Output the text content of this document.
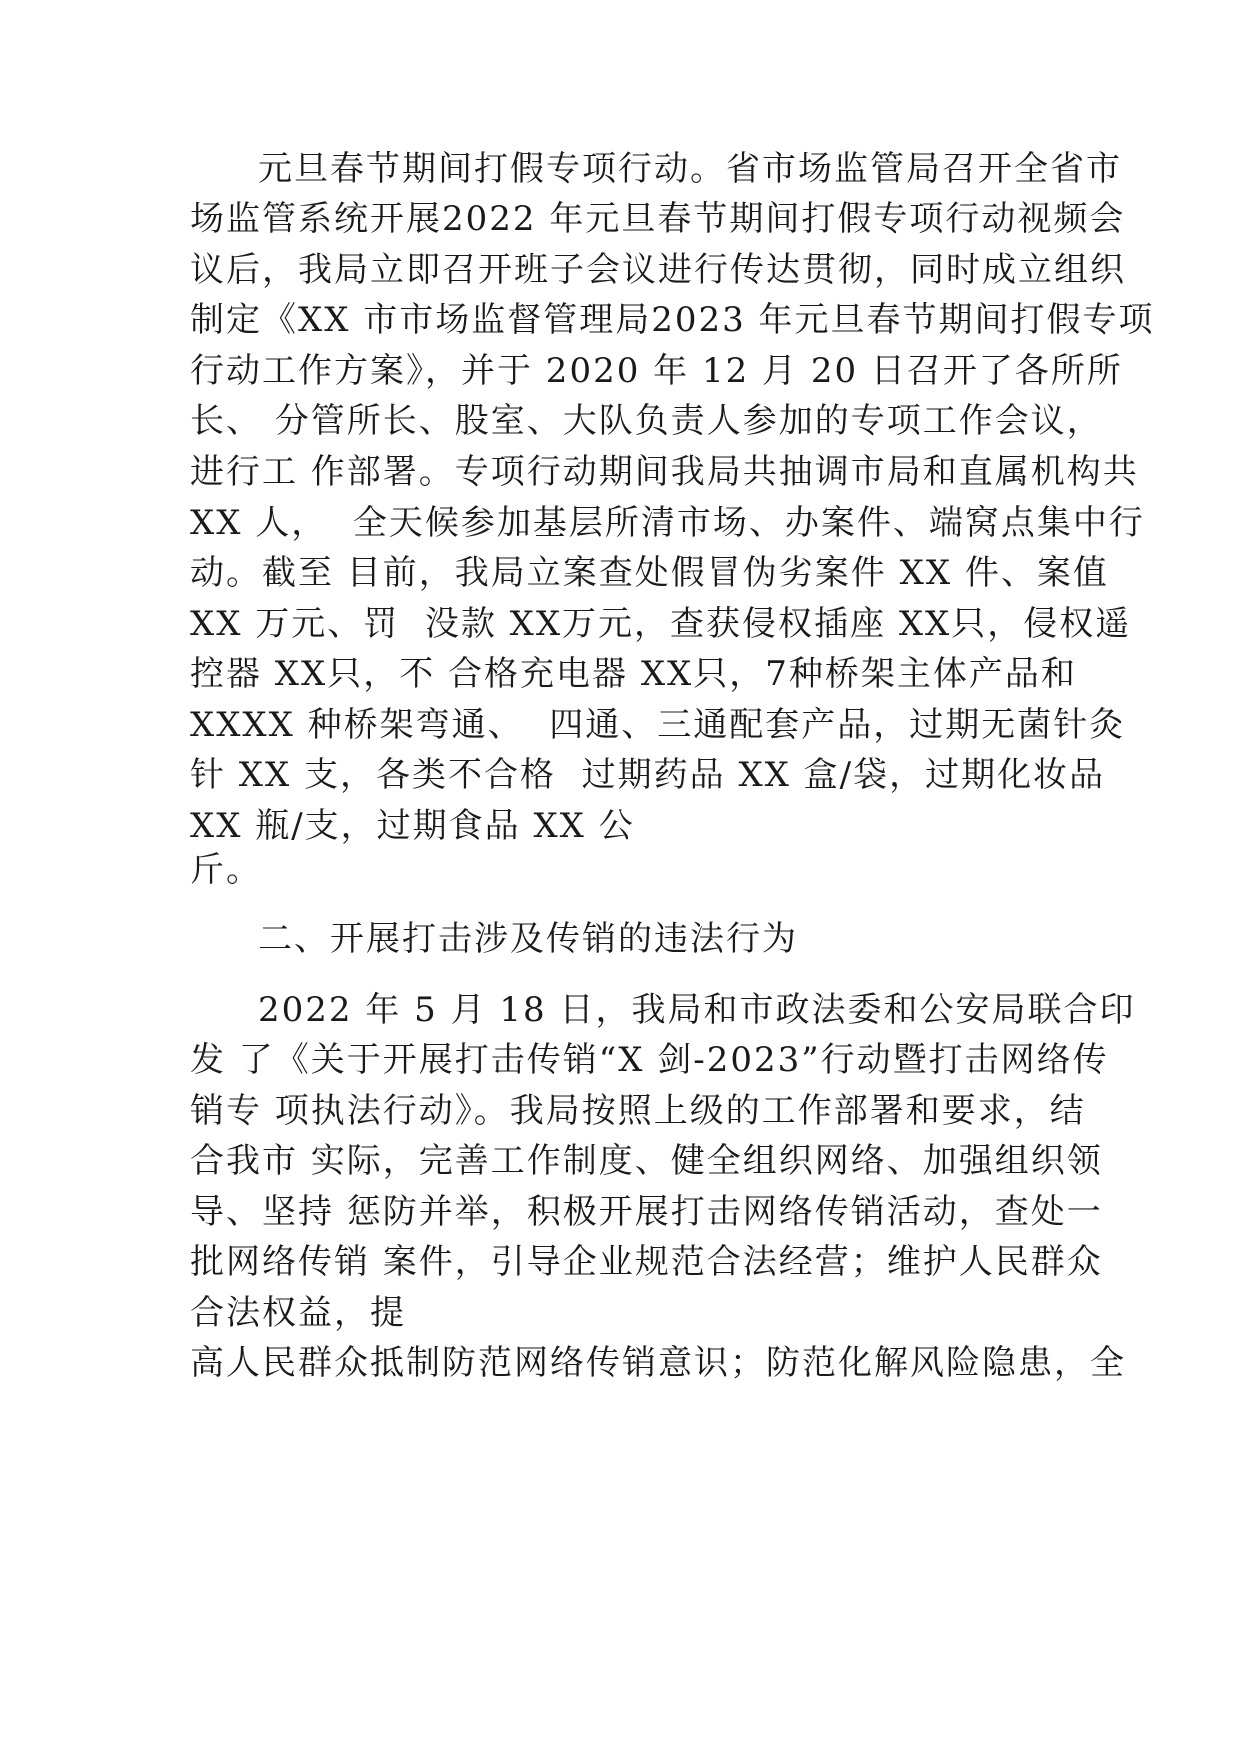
元旦春节期间打假专项行动。省市场监管局召开全省市
场监管系统开展2022 年元旦春节期间打假专项行动视频会
议后，我局立即召开班子会议进行传达贯彻，同时成立组织
制定《XX 市市场监督管理局2023 年元旦春节期间打假专项
行动工作方案》，并于 2020 年 12 月 20 日召开了各所所
长、 分管所长、股室、大队负责人参加的专项工作会议，
进行工 作部署。专项行动期间我局共抽调市局和直属机构共
XX 人，  全天候参加基层所清市场、办案件、端窝点集中行
动。截至 目前，我局立案查处假冒伪劣案件 XX 件、案值
XX 万元、罚  没款 XX万元，查获侵权插座 XX只，侵权遥
控器 XX只，不 合格充电器 XX只，7种桥架主体产品和
XXXX 种桥架弯通、  四通、三通配套产品，过期无菌针灸
针 XX 支，各类不合格  过期药品 XX 盒/袋，过期化妆品
XX 瓶/支，过期食品 XX 公
斤。
二、开展打击涉及传销的违法行为
2022 年 5 月 18 日，我局和市政法委和公安局联合印
发 了《关于开展打击传销“X 剑-2023”行动暨打击网络传
销专 项执法行动》。我局按照上级的工作部署和要求，结
合我市 实际，完善工作制度、健全组织网络、加强组织领
导、坚持 惩防并举，积极开展打击网络传销活动，查处一
批网络传销 案件，引导企业规范合法经营；维护人民群众
合法权益，提
高人民群众抵制防范网络传销意识；防范化解风险隐患，全
